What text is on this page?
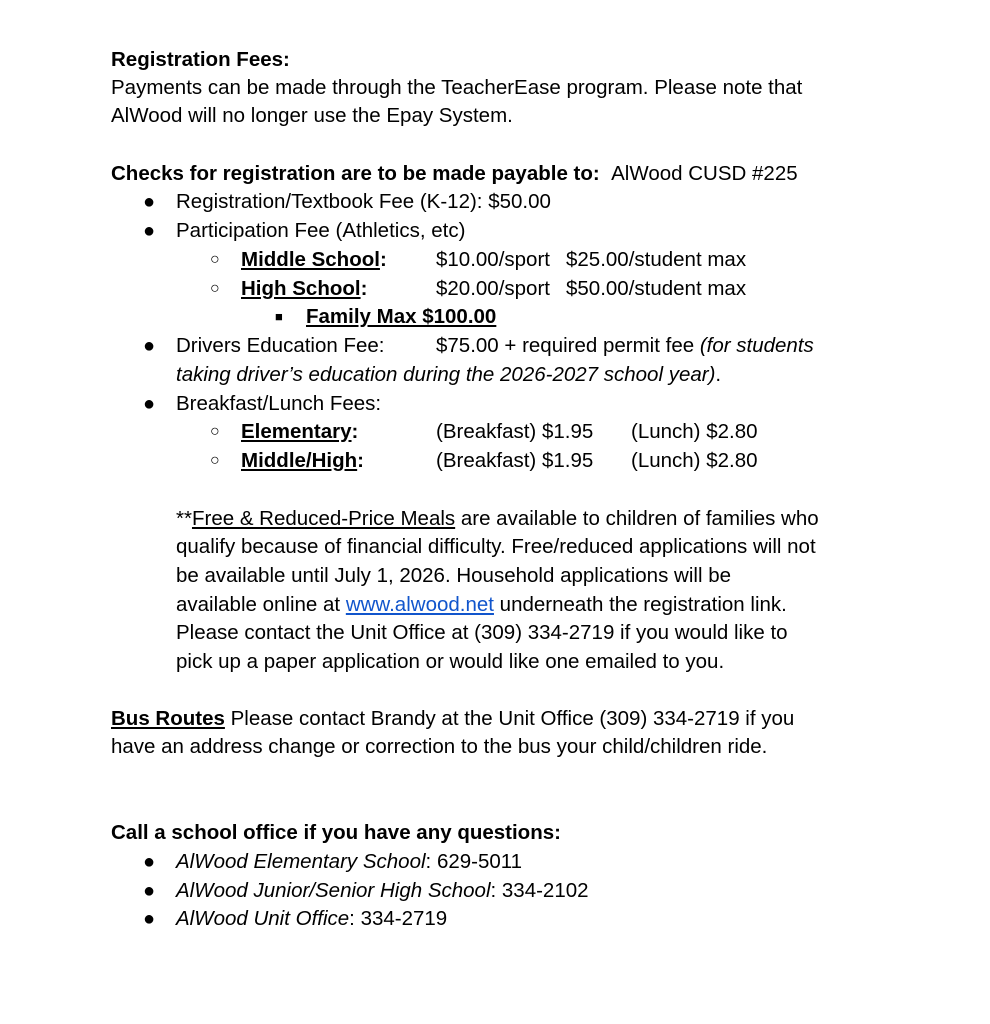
Registration Fees:
Payments can be made through the TeacherEase program. Please note that
AlWood will no longer use the Epay System.
Checks for registration are to be made payable to: AlWood CUSD #225
● Registration/Textbook Fee (K-12): $50.00
● Participation Fee (Athletics, etc)
○ Middle School: $10.00/sport $25.00/student max
○ High School:	$20.00/sport $50.00/student max
■ Family Max $100.00
● Drivers Education Fee:	$75.00 + required permit fee (for students
taking driver’s education during the 2026-2027 school year).
● Breakfast/Lunch Fees:
○ Elementary:	(Breakfast) $1.95 (Lunch) $2.80
○ Middle/High:	(Breakfast) $1.95 (Lunch) $2.80
**Free & Reduced-Price Meals are available to children of families who
qualify because of financial difficulty. Free/reduced applications will not
be available until July 1, 2026. Household applications will be
available online at www.alwood.net underneath the registration link.
Please contact the Unit Office at (309) 334-2719 if you would like to
pick up a paper application or would like one emailed to you.
Bus Routes Please contact Brandy at the Unit Office (309) 334-2719 if you
have an address change or correction to the bus your child/children ride.
Call a school office if you have any questions:
● AlWood Elementary School: 629-5011
● AlWood Junior/Senior High School: 334-2102
● AlWood Unit Office: 334-2719
